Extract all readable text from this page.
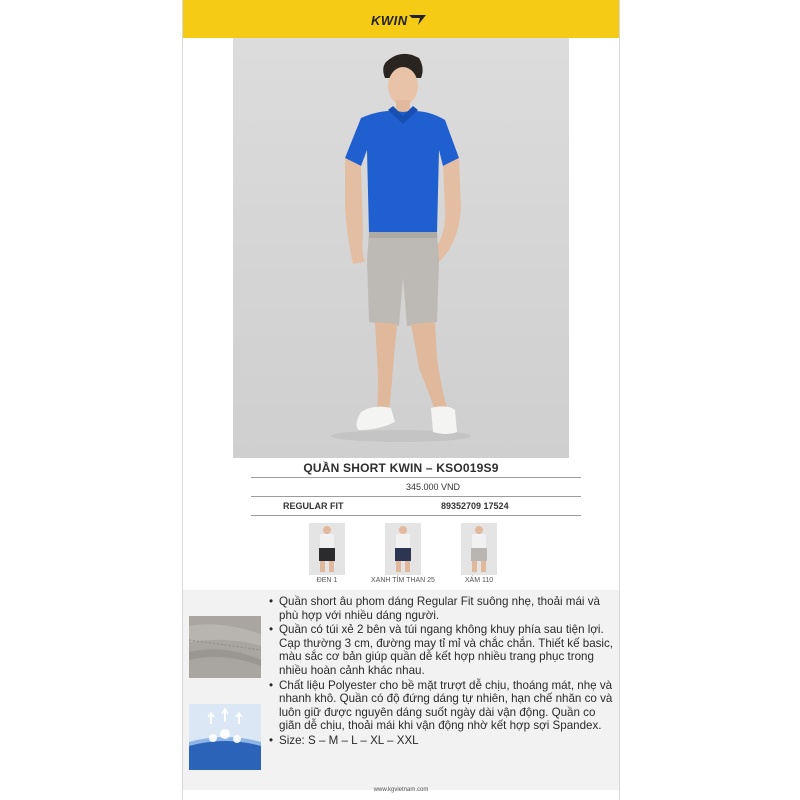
KWIN
QUẦN SHORT KWIN – KSO019S9
345.000 VND
REGULAR FIT	89352709 17524
ĐEN 1	XANH TÍM THAN 25	XÁM 110
• Quần short âu phom dáng Regular Fit suông nhẹ, thoải mái và phù hợp với nhiều dáng người.
• Quần có túi xẻ 2 bên và túi ngang không khuy phía sau tiện lợi. Cạp thường 3 cm, đường may tỉ mỉ và chắc chắn. Thiết kế basic, màu sắc cơ bản giúp quần dễ kết hợp nhiều trang phục trong nhiều hoàn cảnh khác nhau.
• Chất liệu Polyester cho bề mặt trượt dễ chịu, thoáng mát, nhẹ và nhanh khô. Quần có độ đứng dáng tự nhiên, hạn chế nhăn co và luôn giữ được nguyên dáng suốt ngày dài vận động. Quần co giãn dễ chịu, thoải mái khi vận động nhờ kết hợp sợi Spandex.
• Size: S – M – L – XL – XXL
www.kgvietnam.com
